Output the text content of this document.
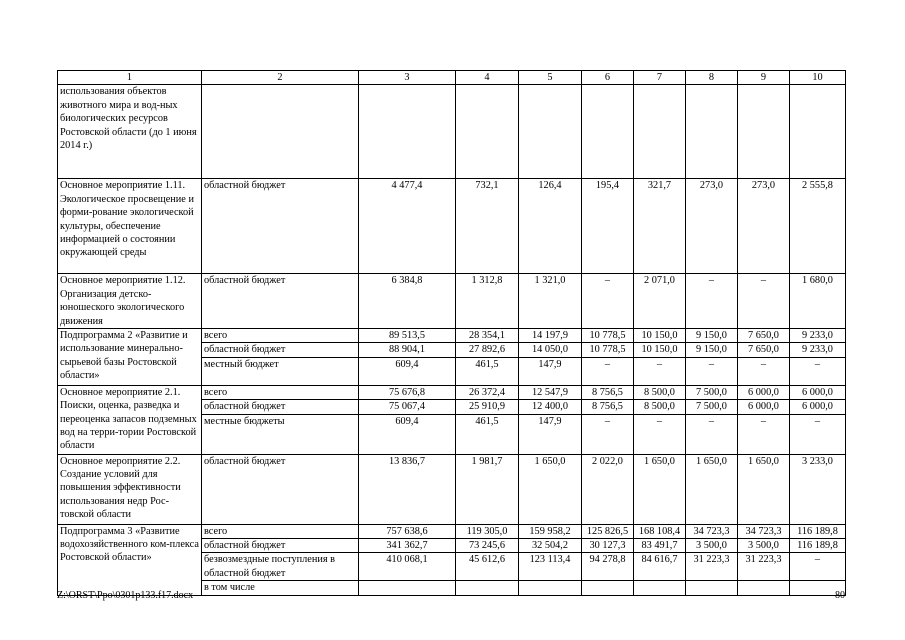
1	2	3	4	5	6	7	8	9	10
использования объектов животного мира и вод-ных биологических ресурсов Ростовской области (до 1 июня 2014 г.)									
Основное мероприятие 1.11. Экологическое просвещение и форми-рование экологической культуры, обеспечение информацией о состоянии окружающей среды	областной бюджет	4 477,4	732,1	126,4	195,4	321,7	273,0	273,0	2 555,8
Основное мероприятие 1.12. Организация детско-юношеского экологического движения	областной бюджет	6 384,8	1 312,8	1 321,0	–	2 071,0	–	–	1 680,0
Подпрограмма 2 «Развитие и использование минерально-сырьевой базы Ростовской области»	всего	89 513,5	28 354,1	14 197,9	10 778,5	10 150,0	9 150,0	7 650,0	9 233,0
	областной бюджет	88 904,1	27 892,6	14 050,0	10 778,5	10 150,0	9 150,0	7 650,0	9 233,0
	местный бюджет	609,4	461,5	147,9	–	–	–	–	–
Основное мероприятие 2.1. Поиски, оценка, разведка и переоценка запасов подземных вод на терри-тории Ростовской области	всего	75 676,8	26 372,4	12 547,9	8 756,5	8 500,0	7 500,0	6 000,0	6 000,0
	областной бюджет	75 067,4	25 910,9	12 400,0	8 756,5	8 500,0	7 500,0	6 000,0	6 000,0
	местные бюджеты	609,4	461,5	147,9	–	–	–	–	–
Основное мероприятие 2.2. Создание условий для повышения эффективности использования недр Рос-товской области	областной бюджет	13 836,7	1 981,7	1 650,0	2 022,0	1 650,0	1 650,0	1 650,0	3 233,0
Подпрограмма 3 «Развитие водохозяйственного ком-плекса Ростовской области»	всего	757 638,6	119 305,0	159 958,2	125 826,5	168 108,4	34 723,3	34 723,3	116 189,8
	областной бюджет	341 362,7	73 245,6	32 504,2	30 127,3	83 491,7	3 500,0	3 500,0	116 189,8
	безвозмездные поступления в областной бюджет	410 068,1	45 612,6	123 113,4	94 278,8	84 616,7	31 223,3	31 223,3	–
	в том числе								
Z:\ORST\Ppo\0301p133.f17.docx	80
